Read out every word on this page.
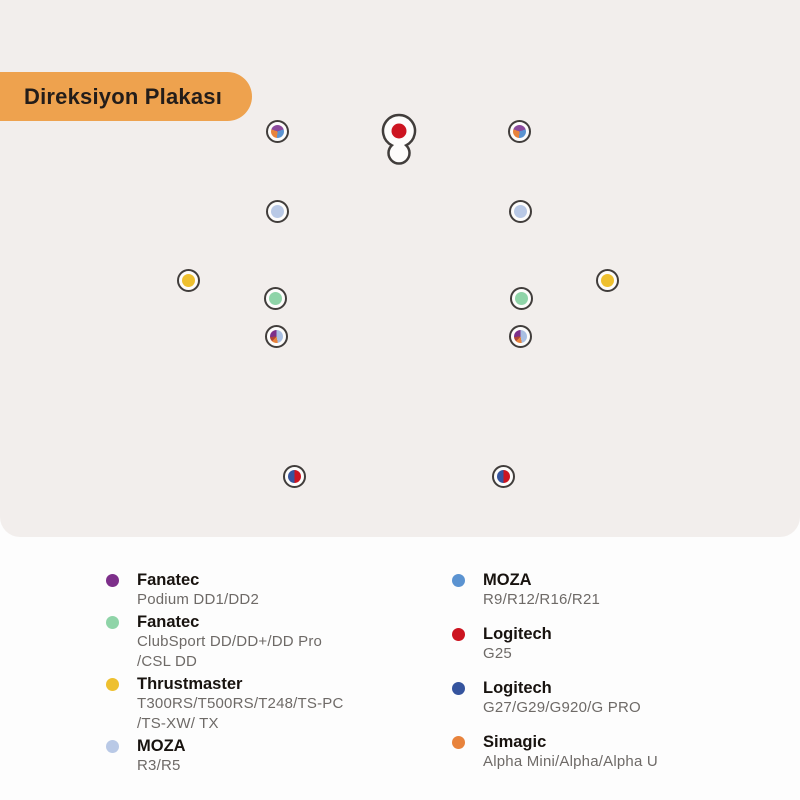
Direksiyon Plakası
Fanatec
Podium DD1/DD2
Fanatec
ClubSport DD/DD+/DD Pro
/CSL DD
Thrustmaster
T300RS/T500RS/T248/TS-PC
/TS-XW/ TX
MOZA
R3/R5
MOZA
R9/R12/R16/R21
Logitech
G25
Logitech
G27/G29/G920/G PRO
Simagic
Alpha Mini/Alpha/Alpha U
